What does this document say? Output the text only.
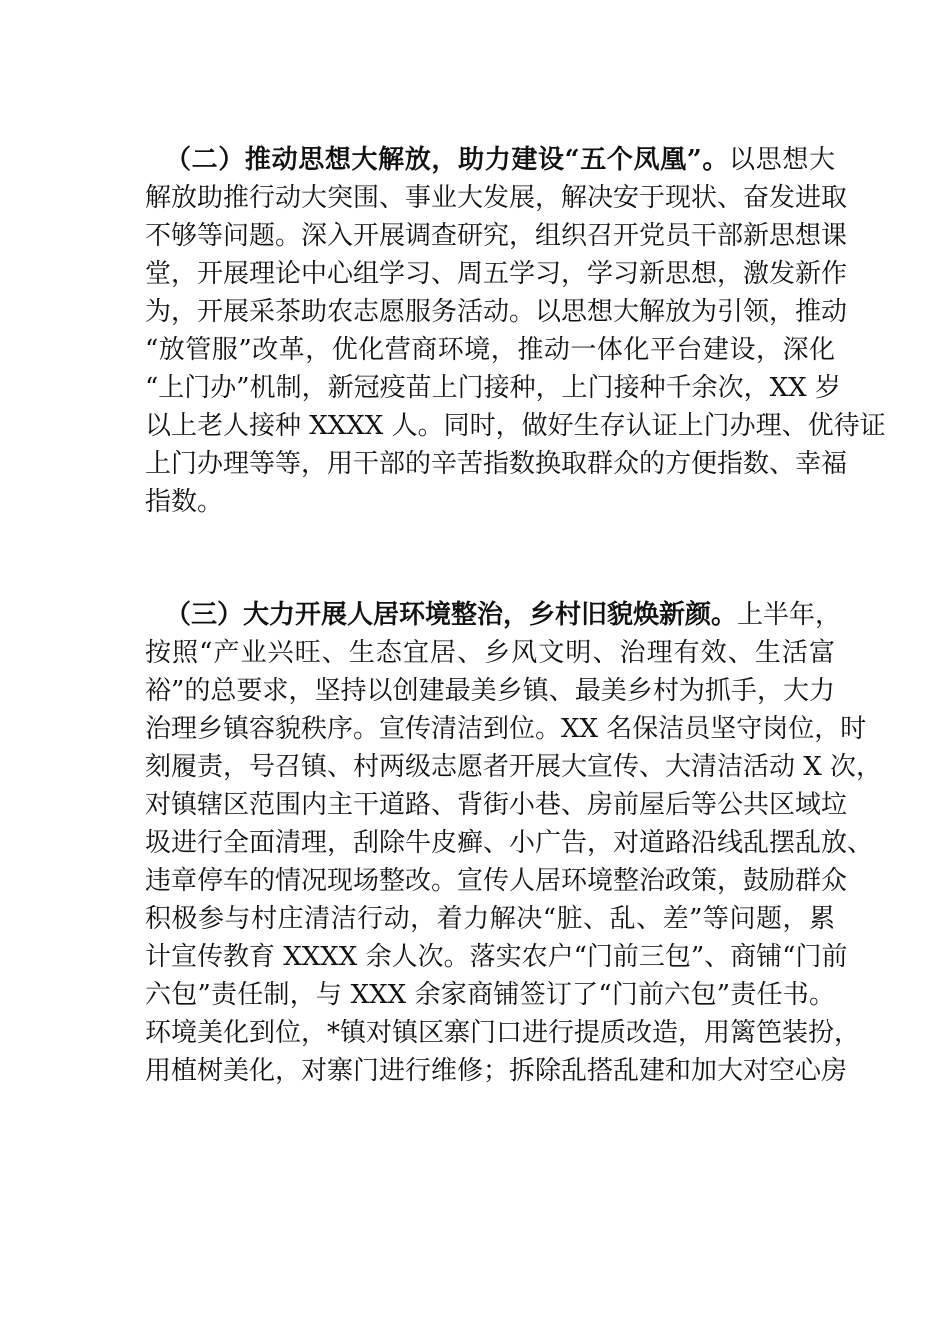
（二）推动思想大解放，助力建设“五个凤凰”。以思想大
解放助推行动大突围、事业大发展，解决安于现状、奋发进取
不够等问题。深入开展调查研究，组织召开党员干部新思想课
堂，开展理论中心组学习、周五学习，学习新思想，激发新作
为，开展采茶助农志愿服务活动。以思想大解放为引领，推动
“放管服”改革，优化营商环境，推动一体化平台建设，深化
“上门办”机制，新冠疫苗上门接种，上门接种千余次，XX 岁
以上老人接种 XXXX 人。同时，做好生存认证上门办理、优待证
上门办理等等，用干部的辛苦指数换取群众的方便指数、幸福
指数。
（三）大力开展人居环境整治，乡村旧貌焕新颜。上半年，
按照“产业兴旺、生态宜居、乡风文明、治理有效、生活富
裕”的总要求，坚持以创建最美乡镇、最美乡村为抓手，大力
治理乡镇容貌秩序。宣传清洁到位。XX 名保洁员坚守岗位，时
刻履责，号召镇、村两级志愿者开展大宣传、大清洁活动 X 次，
对镇辖区范围内主干道路、背街小巷、房前屋后等公共区域垃
圾进行全面清理，刮除牛皮癣、小广告，对道路沿线乱摆乱放、
违章停车的情况现场整改。宣传人居环境整治政策，鼓励群众
积极参与村庄清洁行动，着力解决“脏、乱、差”等问题，累
计宣传教育 XXXX 余人次。落实农户“门前三包”、商铺“门前
六包”责任制，与 XXX 余家商铺签订了“门前六包”责任书。
环境美化到位，*镇对镇区寨门口进行提质改造，用篱笆装扮，
用植树美化，对寨门进行维修；拆除乱搭乱建和加大对空心房
